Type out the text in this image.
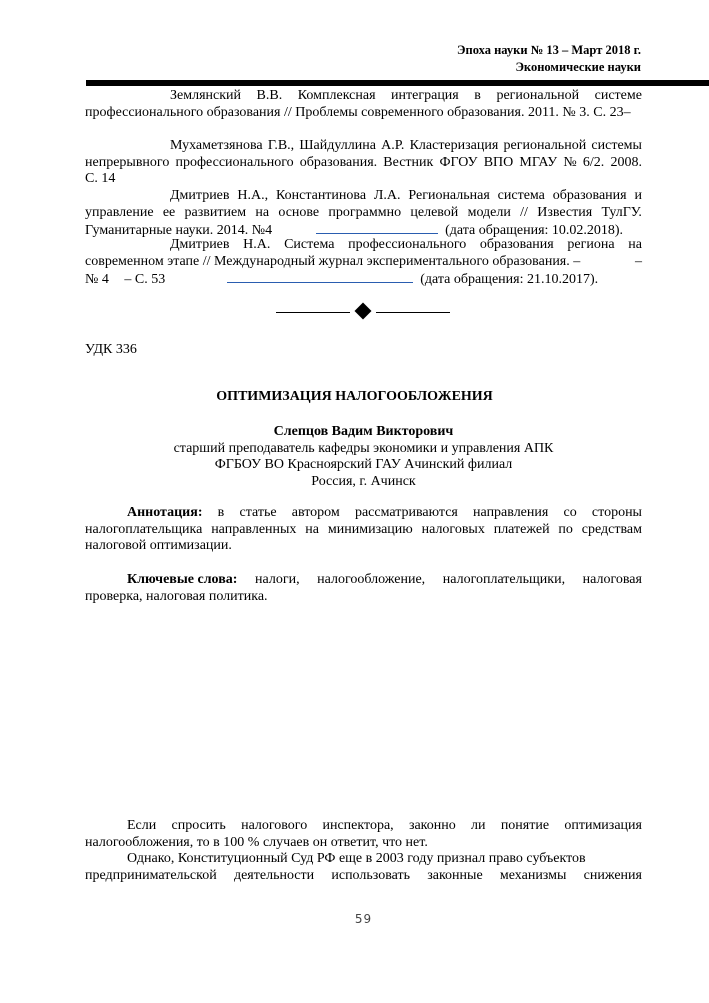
Эпоха науки № 13 – Март 2018 г.
Экономические науки
Землянский В.В. Комплексная интеграция в региональной системе
профессионального образования // Проблемы современного образования. 2011. № 3. С. 23–
Мухаметзянова Г.В., Шайдуллина А.Р. Кластеризация региональной системы
непрерывного профессионального образования. Вестник ФГОУ ВПО МГАУ № 6/2. 2008.
С. 14
Дмитриев Н.А., Константинова Л.А. Региональная система образования и
управление ее развитием на основе программно целевой модели // Известия ТулГУ.
Гуманитарные науки. 2014. №4	(дата обращения: 10.02.2018).
Дмитриев Н.А. Система профессионального образования региона на
современном этапе // Международный журнал экспериментального образования. –	–
№ 4 – С. 53	(дата обращения: 21.10.2017).
УДК 336
ОПТИМИЗАЦИЯ НАЛОГООБЛОЖЕНИЯ
Слепцов Вадим Викторович
старший преподаватель кафедры экономики и управления АПК
ФГБОУ ВО Красноярский ГАУ Ачинский филиал
Россия, г. Ачинск
Аннотация: в статье автором рассматриваются направления со стороны
налогоплательщика направленных на минимизацию налоговых платежей по средствам
налоговой оптимизации.
Ключевые слова: налоги, налогообложение, налогоплательщики, налоговая
проверка, налоговая политика.
Если спросить налогового инспектора, законно ли понятие оптимизация
налогообложения, то в 100 % случаев он ответит, что нет.
Однако, Конституционный Суд РФ еще в 2003 году признал право субъектов
предпринимательской деятельности использовать законные механизмы снижения
59
